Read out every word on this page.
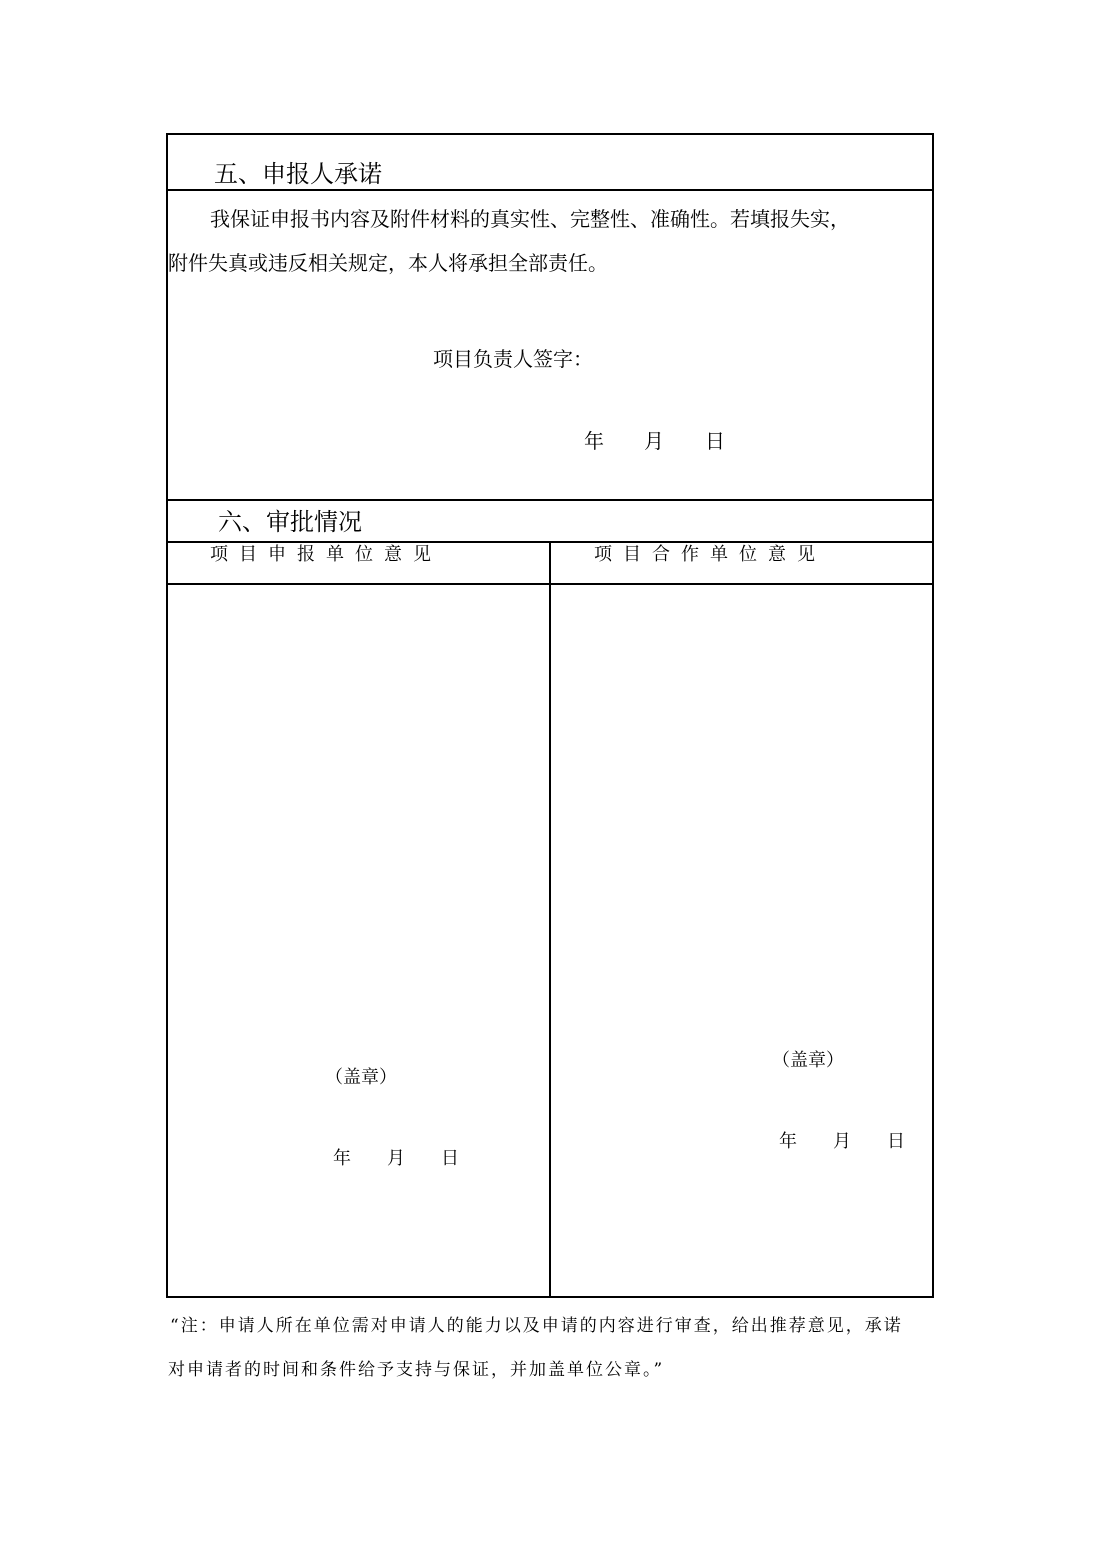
五、申报人承诺
我保证申报书内容及附件材料的真实性、完整性、准确性。若填报失实，
附件失真或违反相关规定，本人将承担全部责任。
项目负责人签字：
年 月 日
六、审批情况
项目申报单位意见	项目合作单位意见
（盖章）
年 月 日
（盖章）
年 月 日
“注：申请人所在单位需对申请人的能力以及申请的内容进行审查，给出推荐意见，承诺
对申请者的时间和条件给予支持与保证，并加盖单位公章。”
